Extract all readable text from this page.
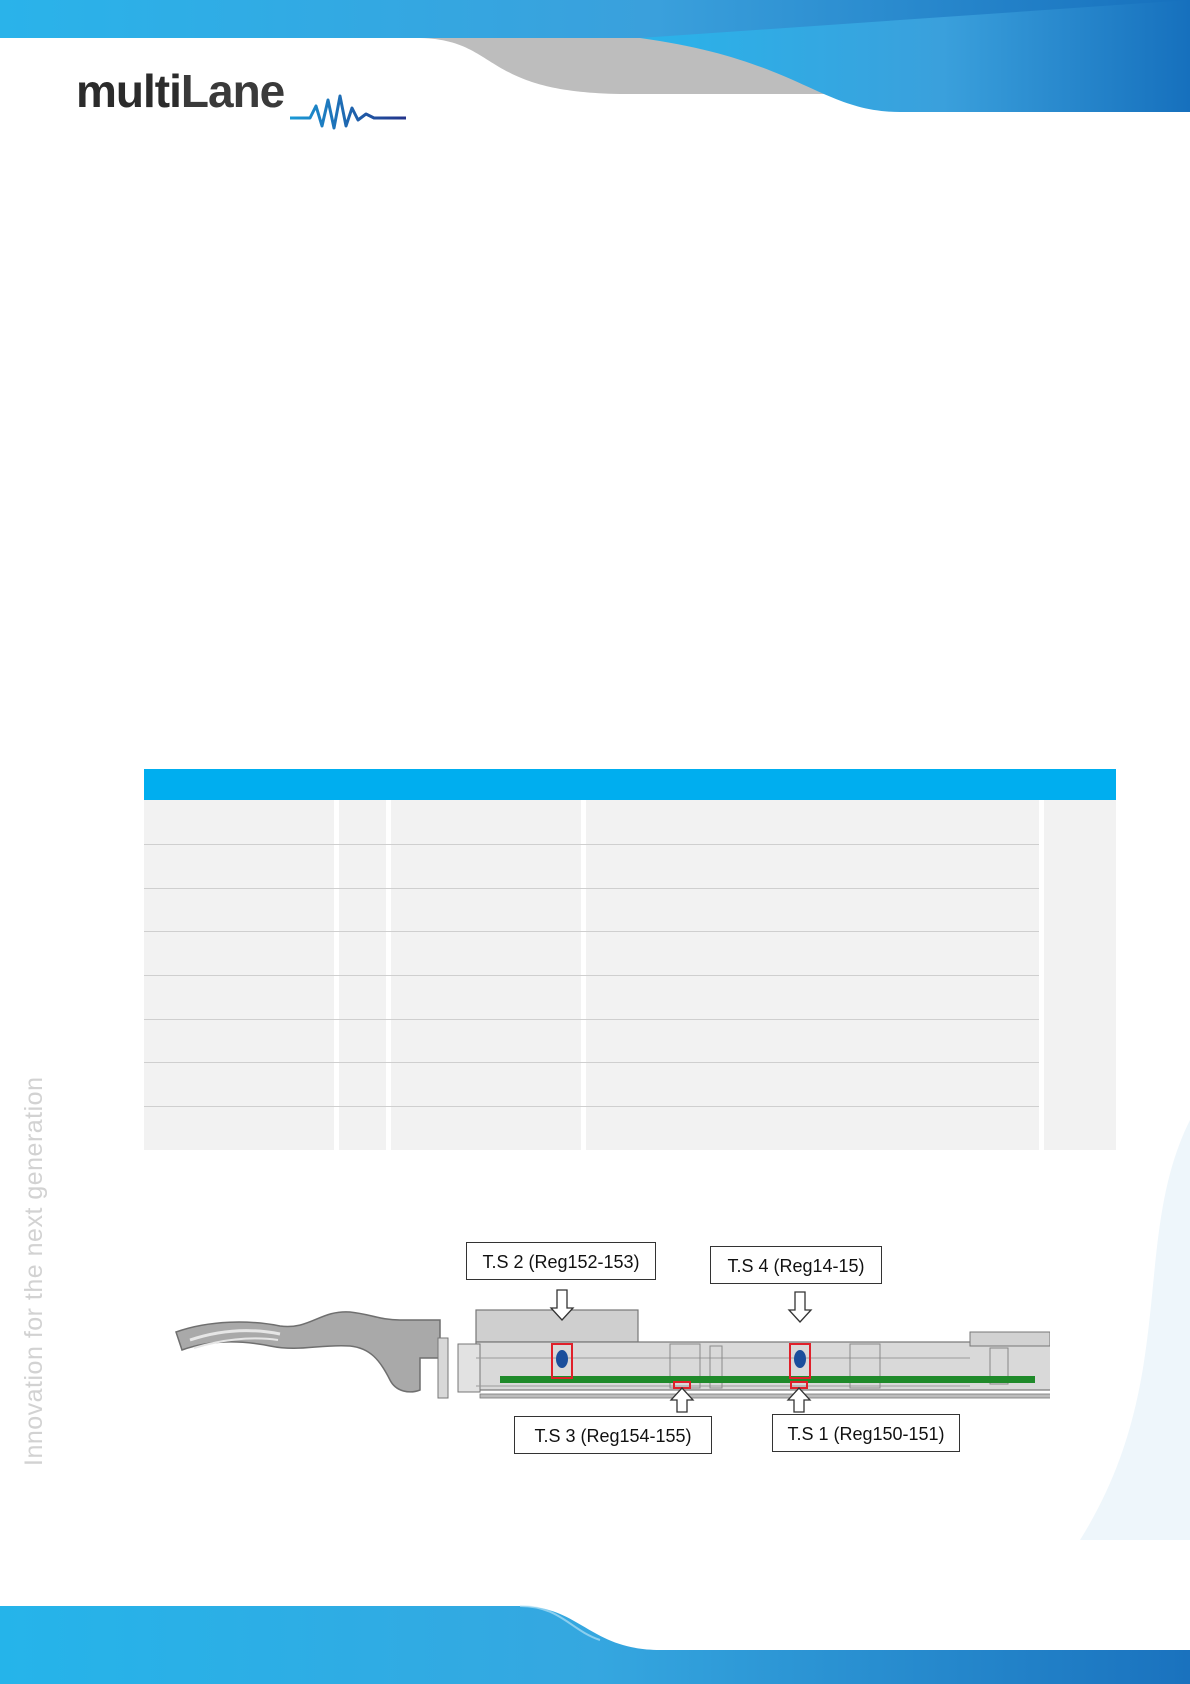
multiLane
Innovation for the next generation	T.S 2 (Reg152-153)	T.S 4 (Reg14-15)
T.S 3 (Reg154-155)	T.S 1 (Reg150-151)
